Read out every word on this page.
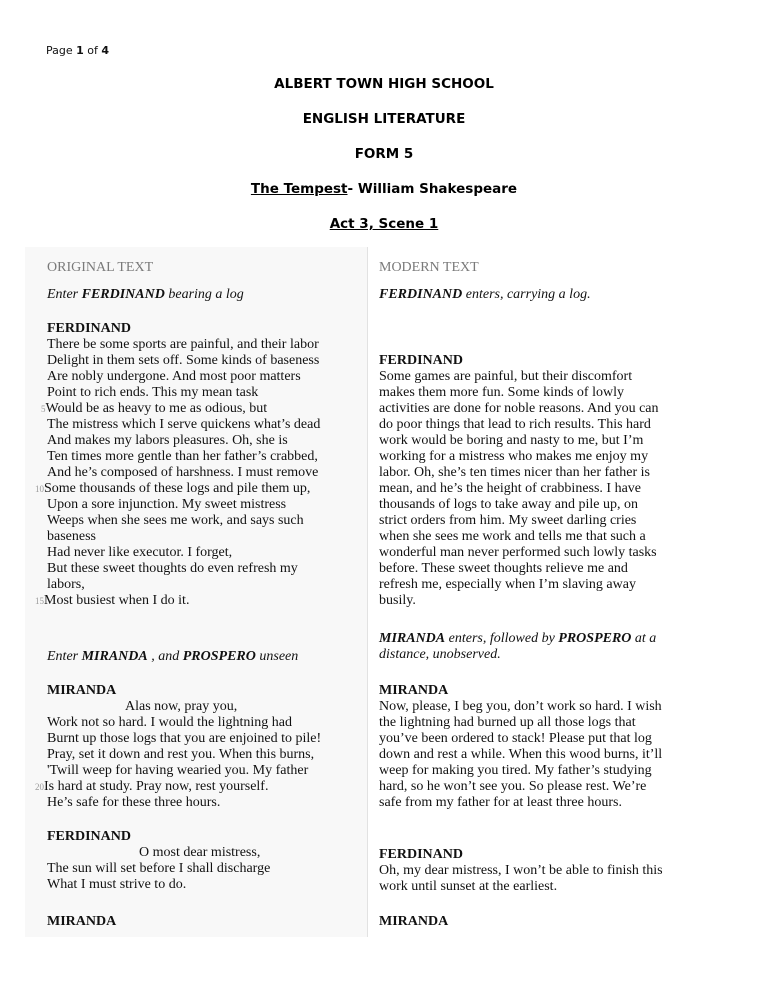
Page 1 of 4
ALBERT TOWN HIGH SCHOOL
ENGLISH LITERATURE
FORM 5
The Tempest- William Shakespeare
Act 3, Scene 1
ORIGINAL TEXT
Enter FERDINAND bearing a log
FERDINAND
There be some sports are painful, and their labor
Delight in them sets off. Some kinds of baseness
Are nobly undergone. And most poor matters
Point to rich ends. This my mean task
5Would be as heavy to me as odious, but
The mistress which I serve quickens what’s dead
And makes my labors pleasures. Oh, she is
Ten times more gentle than her father’s crabbed,
And he’s composed of harshness. I must remove
10Some thousands of these logs and pile them up,
Upon a sore injunction. My sweet mistress
Weeps when she sees me work, and says such
baseness
Had never like executor. I forget,
But these sweet thoughts do even refresh my
labors,
15Most busiest when I do it.
Enter MIRANDA , and PROSPERO unseen
MIRANDA
Alas now, pray you,
Work not so hard. I would the lightning had
Burnt up those logs that you are enjoined to pile!
Pray, set it down and rest you. When this burns,
'Twill weep for having wearied you. My father
20Is hard at study. Pray now, rest yourself.
He’s safe for these three hours.
FERDINAND
O most dear mistress,
The sun will set before I shall discharge
What I must strive to do.
MIRANDA
MODERN TEXT
FERDINAND enters, carrying a log.
FERDINAND
Some games are painful, but their discomfort
makes them more fun. Some kinds of lowly
activities are done for noble reasons. And you can
do poor things that lead to rich results. This hard
work would be boring and nasty to me, but I’m
working for a mistress who makes me enjoy my
labor. Oh, she’s ten times nicer than her father is
mean, and he’s the height of crabbiness. I have
thousands of logs to take away and pile up, on
strict orders from him. My sweet darling cries
when she sees me work and tells me that such a
wonderful man never performed such lowly tasks
before. These sweet thoughts relieve me and
refresh me, especially when I’m slaving away
busily.
MIRANDA enters, followed by PROSPERO at a
distance, unobserved.
MIRANDA
Now, please, I beg you, don’t work so hard. I wish
the lightning had burned up all those logs that
you’ve been ordered to stack! Please put that log
down and rest a while. When this wood burns, it’ll
weep for making you tired. My father’s studying
hard, so he won’t see you. So please rest. We’re
safe from my father for at least three hours.
FERDINAND
Oh, my dear mistress, I won’t be able to finish this
work until sunset at the earliest.
MIRANDA
